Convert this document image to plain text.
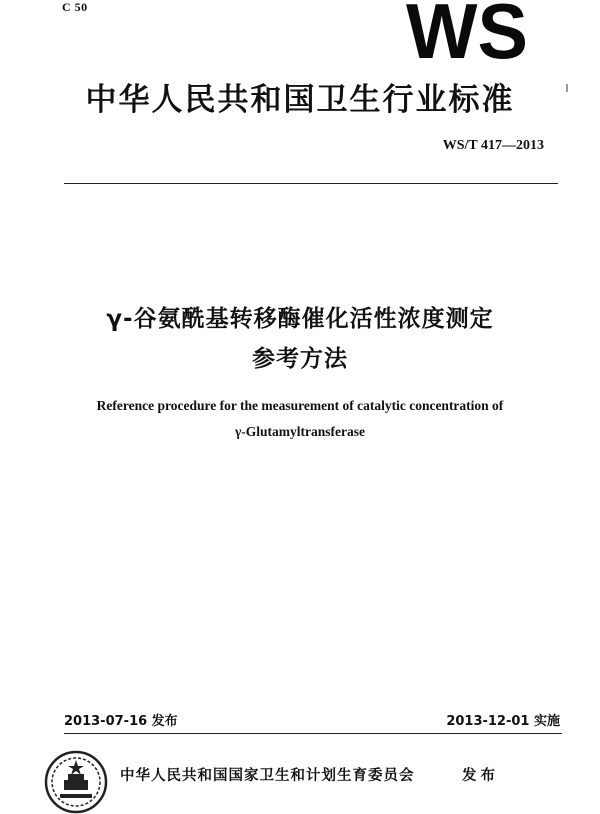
C 50	WS
中华人民共和国卫生行业标准
WS/T 417—2013
γ-谷氨酰基转移酶催化活性浓度测定
参考方法
Reference procedure for the measurement of catalytic concentration of
γ-Glutamyltransferase
2013-07-16 发布	2013-12-01 实施
中华人民共和国国家卫生和计划生育委员会	发布
